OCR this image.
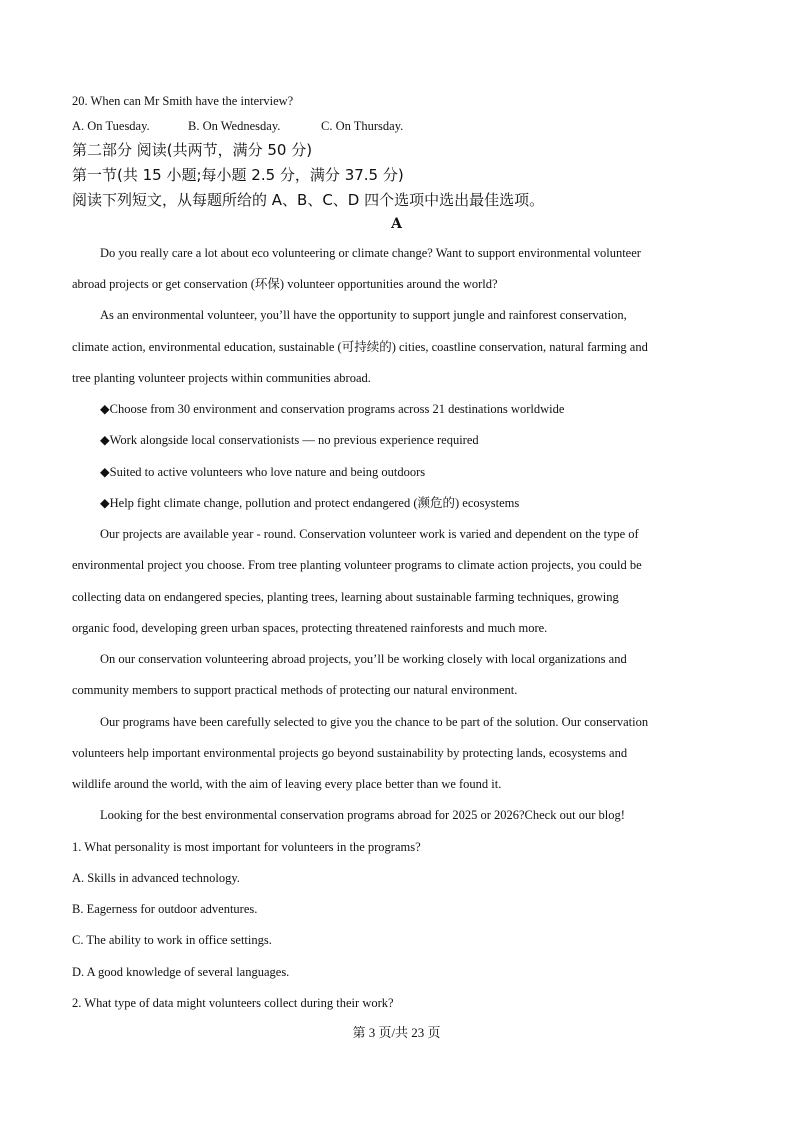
20. When can Mr Smith have the interview?
A. On Tuesday.	B. On Wednesday.	C. On Thursday.
第二部分 阅读(共两节，满分 50 分)
第一节(共 15 小题;每小题 2.5 分，满分 37.5 分)
阅读下列短文，从每题所给的 A、B、C、D 四个选项中选出最佳选项。
A
Do you really care a lot about eco volunteering or climate change? Want to support environmental volunteer
abroad projects or get conservation (环保) volunteer opportunities around the world?
As an environmental volunteer, you’ll have the opportunity to support jungle and rainforest conservation,
climate action, environmental education, sustainable (可持续的) cities, coastline conservation, natural farming and
tree planting volunteer projects within communities abroad.
◆Choose from 30 environment and conservation programs across 21 destinations worldwide
◆Work alongside local conservationists — no previous experience required
◆Suited to active volunteers who love nature and being outdoors
◆Help fight climate change, pollution and protect endangered (濒危的) ecosystems
Our projects are available year - round. Conservation volunteer work is varied and dependent on the type of
environmental project you choose. From tree planting volunteer programs to climate action projects, you could be
collecting data on endangered species, planting trees, learning about sustainable farming techniques, growing
organic food, developing green urban spaces, protecting threatened rainforests and much more.
On our conservation volunteering abroad projects, you’ll be working closely with local organizations and
community members to support practical methods of protecting our natural environment.
Our programs have been carefully selected to give you the chance to be part of the solution. Our conservation
volunteers help important environmental projects go beyond sustainability by protecting lands, ecosystems and
wildlife around the world, with the aim of leaving every place better than we found it.
Looking for the best environmental conservation programs abroad for 2025 or 2026?Check out our blog!
1. What personality is most important for volunteers in the programs?
A. Skills in advanced technology.
B. Eagerness for outdoor adventures.
C. The ability to work in office settings.
D. A good knowledge of several languages.
2. What type of data might volunteers collect during their work?
第 3 页/共 23 页
